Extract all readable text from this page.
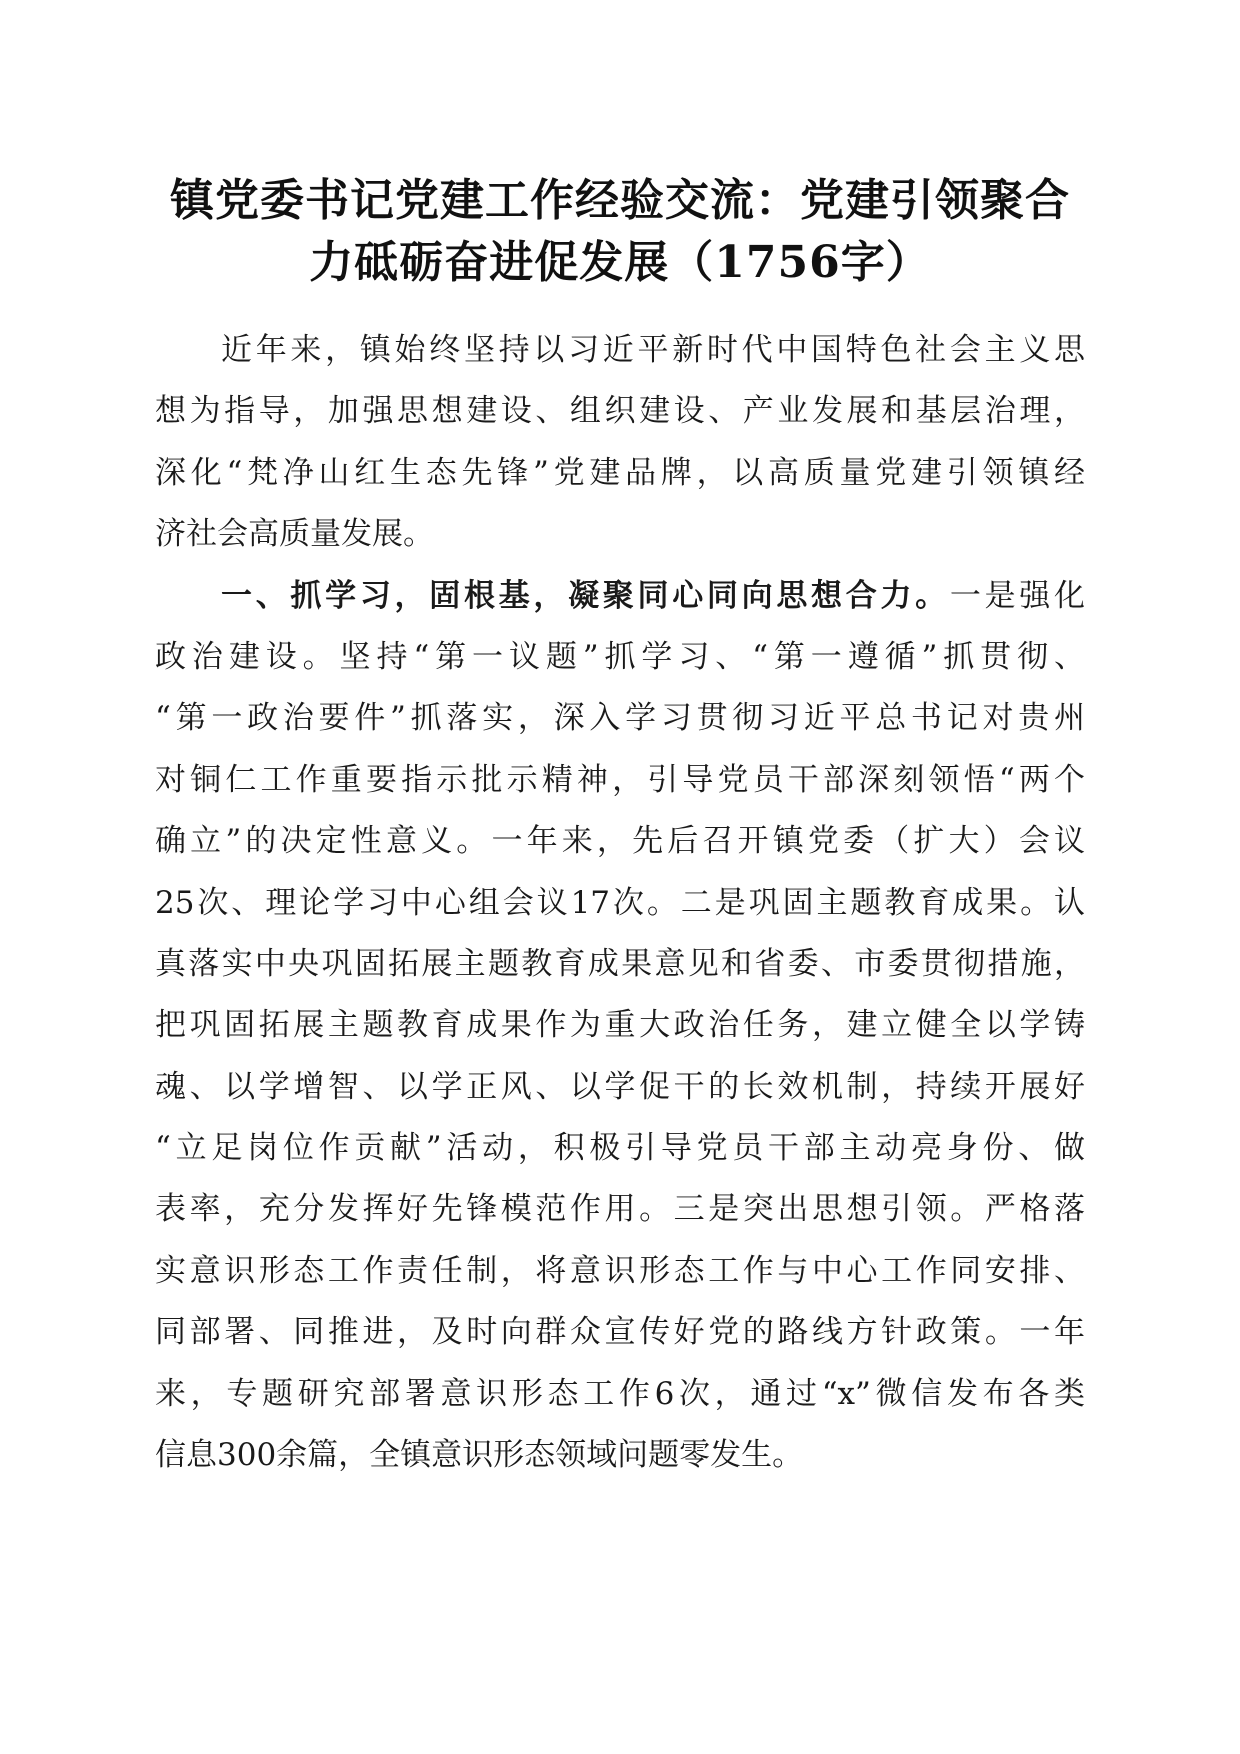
镇党委书记党建工作经验交流：党建引领聚合
力砥砺奋进促发展（1756字）
近年来，镇始终坚持以习近平新时代中国特色社会主义思
想为指导，加强思想建设、组织建设、产业发展和基层治理，
深化“梵净山红生态先锋”党建品牌，以高质量党建引领镇经
济社会高质量发展。
一、抓学习，固根基，凝聚同心同向思想合力。一是强化
政治建设。坚持“第一议题”抓学习、“第一遵循”抓贯彻、
“第一政治要件”抓落实，深入学习贯彻习近平总书记对贵州
对铜仁工作重要指示批示精神，引导党员干部深刻领悟“两个
确立”的决定性意义。一年来，先后召开镇党委（扩大）会议
25次、理论学习中心组会议17次。二是巩固主题教育成果。认
真落实中央巩固拓展主题教育成果意见和省委、市委贯彻措施，
把巩固拓展主题教育成果作为重大政治任务，建立健全以学铸
魂、以学增智、以学正风、以学促干的长效机制，持续开展好
“立足岗位作贡献”活动，积极引导党员干部主动亮身份、做
表率，充分发挥好先锋模范作用。三是突出思想引领。严格落
实意识形态工作责任制，将意识形态工作与中心工作同安排、
同部署、同推进，及时向群众宣传好党的路线方针政策。一年
来，专题研究部署意识形态工作6次，通过“x”微信发布各类
信息300余篇，全镇意识形态领域问题零发生。
